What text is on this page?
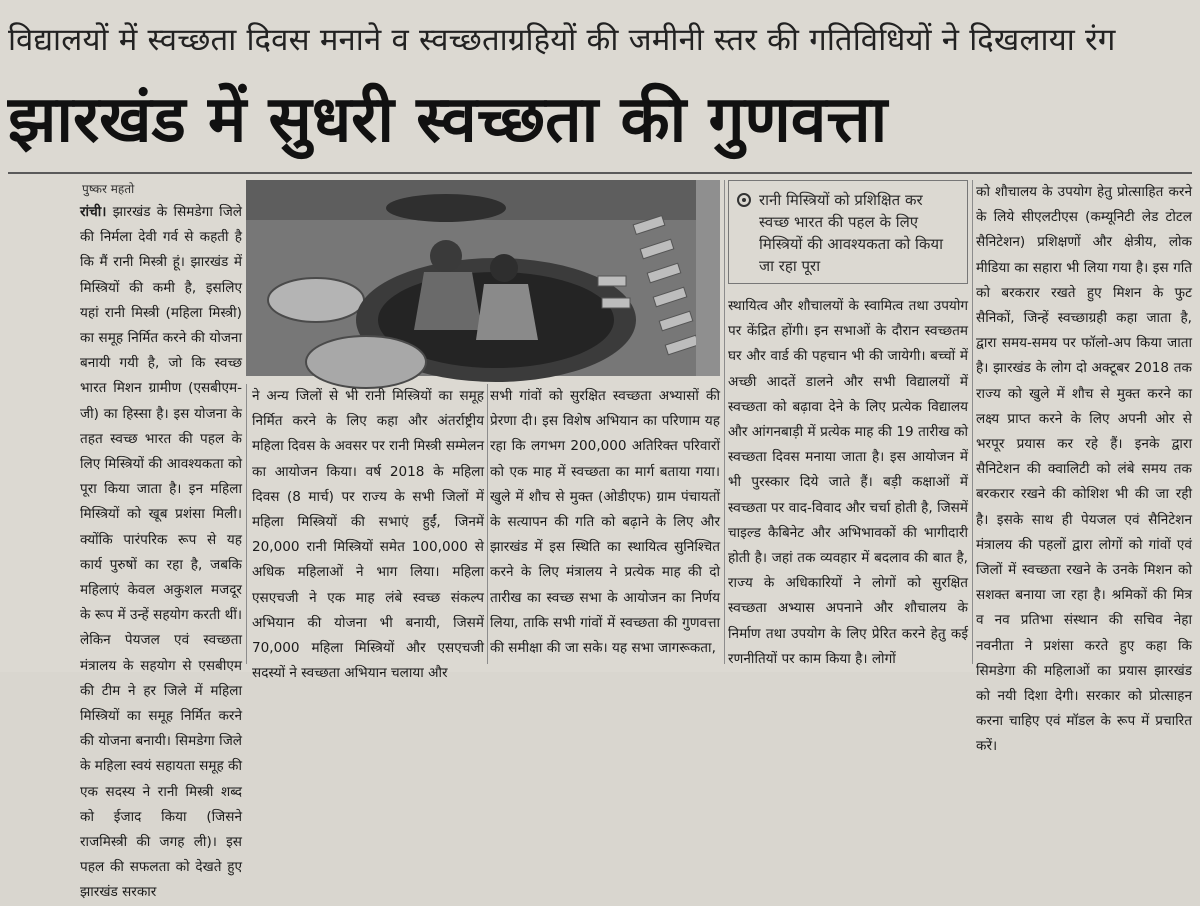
विद्यालयों में स्वच्छता दिवस मनाने व स्वच्छताग्रहियों की जमीनी स्तर की गतिविधियों ने दिखलाया रंग
झारखंड में सुधरी स्वच्छता की गुणवत्ता
पुष्कर महतो
रांची। झारखंड के सिमडेगा जिले की निर्मला देवी गर्व से कहती है कि मैं रानी मिस्त्री हूं। झारखंड में मिस्त्रियों की कमी है, इसलिए यहां रानी मिस्त्री (महिला मिस्त्री) का समूह निर्मित करने की योजना बनायी गयी है, जो कि स्वच्छ भारत मिशन ग्रामीण (एसबीएम-जी) का हिस्सा है। इस योजना के तहत स्वच्छ भारत की पहल के लिए मिस्त्रियों की आवश्यकता को पूरा किया जाता है। इन महिला मिस्त्रियों को खूब प्रशंसा मिली। क्योंकि पारंपरिक रूप से यह कार्य पुरुषों का रहा है, जबकि महिलाएं केवल अकुशल मजदूर के रूप में उन्हें सहयोग करती थीं। लेकिन पेयजल एवं स्वच्छता मंत्रालय के सहयोग से एसबीएम की टीम ने हर जिले में महिला मिस्त्रियों का समूह निर्मित करने की योजना बनायी। सिमडेगा जिले के महिला स्वयं सहायता समूह की एक सदस्य ने रानी मिस्त्री शब्द को ईजाद किया (जिसने राजमिस्त्री की जगह ली)। इस पहल की सफलता को देखते हुए झारखंड सरकार
रानी मिस्त्रियों को प्रशिक्षित कर स्वच्छ भारत की पहल के लिए मिस्त्रियों की आवश्यकता को किया जा रहा पूरा
ने अन्य जिलों से भी रानी मिस्त्रियों का समूह निर्मित करने के लिए कहा और अंतर्राष्ट्रीय महिला दिवस के अवसर पर रानी मिस्त्री सम्मेलन का आयोजन किया। वर्ष 2018 के महिला दिवस (8 मार्च) पर राज्य के सभी जिलों में महिला मिस्त्रियों की सभाएं हुईं, जिनमें 20,000 रानी मिस्त्रियों समेत 100,000 से अधिक महिलाओं ने भाग लिया। महिला एसएचजी ने एक माह लंबे स्वच्छ संकल्प अभियान की योजना भी बनायी, जिसमें 70,000 महिला मिस्त्रियों और एसएचजी सदस्यों ने स्वच्छता अभियान चलाया और
सभी गांवों को सुरक्षित स्वच्छता अभ्यासों की प्रेरणा दी। इस विशेष अभियान का परिणाम यह रहा कि लगभग 200,000 अतिरिक्त परिवारों को एक माह में स्वच्छता का मार्ग बताया गया। खुले में शौच से मुक्त (ओडीएफ) ग्राम पंचायतों के सत्यापन की गति को बढ़ाने के लिए और झारखंड में इस स्थिति का स्थायित्व सुनिश्चित करने के लिए मंत्रालय ने प्रत्येक माह की दो तारीख का स्वच्छ सभा के आयोजन का निर्णय लिया, ताकि सभी गांवों में स्वच्छता की गुणवत्ता की समीक्षा की जा सके। यह सभा जागरूकता,
स्थायित्व और शौचालयों के स्वामित्व तथा उपयोग पर केंद्रित होंगी। इन सभाओं के दौरान स्वच्छतम घर और वार्ड की पहचान भी की जायेगी। बच्चों में अच्छी आदतें डालने और सभी विद्यालयों में स्वच्छता को बढ़ावा देने के लिए प्रत्येक विद्यालय और आंगनबाड़ी में प्रत्येक माह की 19 तारीख को स्वच्छता दिवस मनाया जाता है। इस आयोजन में भी पुरस्कार दिये जाते हैं। बड़ी कक्षाओं में स्वच्छता पर वाद-विवाद और चर्चा होती है, जिसमें चाइल्ड कैबिनेट और अभिभावकों की भागीदारी होती है। जहां तक व्यवहार में बदलाव की बात है, राज्य के अधिकारियों ने लोगों को सुरक्षित स्वच्छता अभ्यास अपनाने और शौचालय के निर्माण तथा उपयोग के लिए प्रेरित करने हेतु कई रणनीतियों पर काम किया है। लोगों
को शौचालय के उपयोग हेतु प्रोत्साहित करने के लिये सीएलटीएस (कम्यूनिटी लेड टोटल सैनिटेशन) प्रशिक्षणों और क्षेत्रीय, लोक मीडिया का सहारा भी लिया गया है। इस गति को बरकरार रखते हुए मिशन के फुट सैनिकों, जिन्हें स्वच्छाग्रही कहा जाता है, द्वारा समय-समय पर फॉलो-अप किया जाता है। झारखंड के लोग दो अक्टूबर 2018 तक राज्य को खुले में शौच से मुक्त करने का लक्ष्य प्राप्त करने के लिए अपनी ओर से भरपूर प्रयास कर रहे हैं। इनके द्वारा सैनिटेशन की क्वालिटी को लंबे समय तक बरकरार रखने की कोशिश भी की जा रही है। इसके साथ ही पेयजल एवं सैनिटेशन मंत्रालय की पहलों द्वारा लोगों को गांवों एवं जिलों में स्वच्छता रखने के उनके मिशन को सशक्त बनाया जा रहा है। श्रमिकों की मित्र व नव प्रतिभा संस्थान की सचिव नेहा नवनीता ने प्रशंसा करते हुए कहा कि सिमडेगा की महिलाओं का प्रयास झारखंड को नयी दिशा देगी। सरकार को प्रोत्साहन करना चाहिए एवं मॉडल के रूप में प्रचारित करें।
